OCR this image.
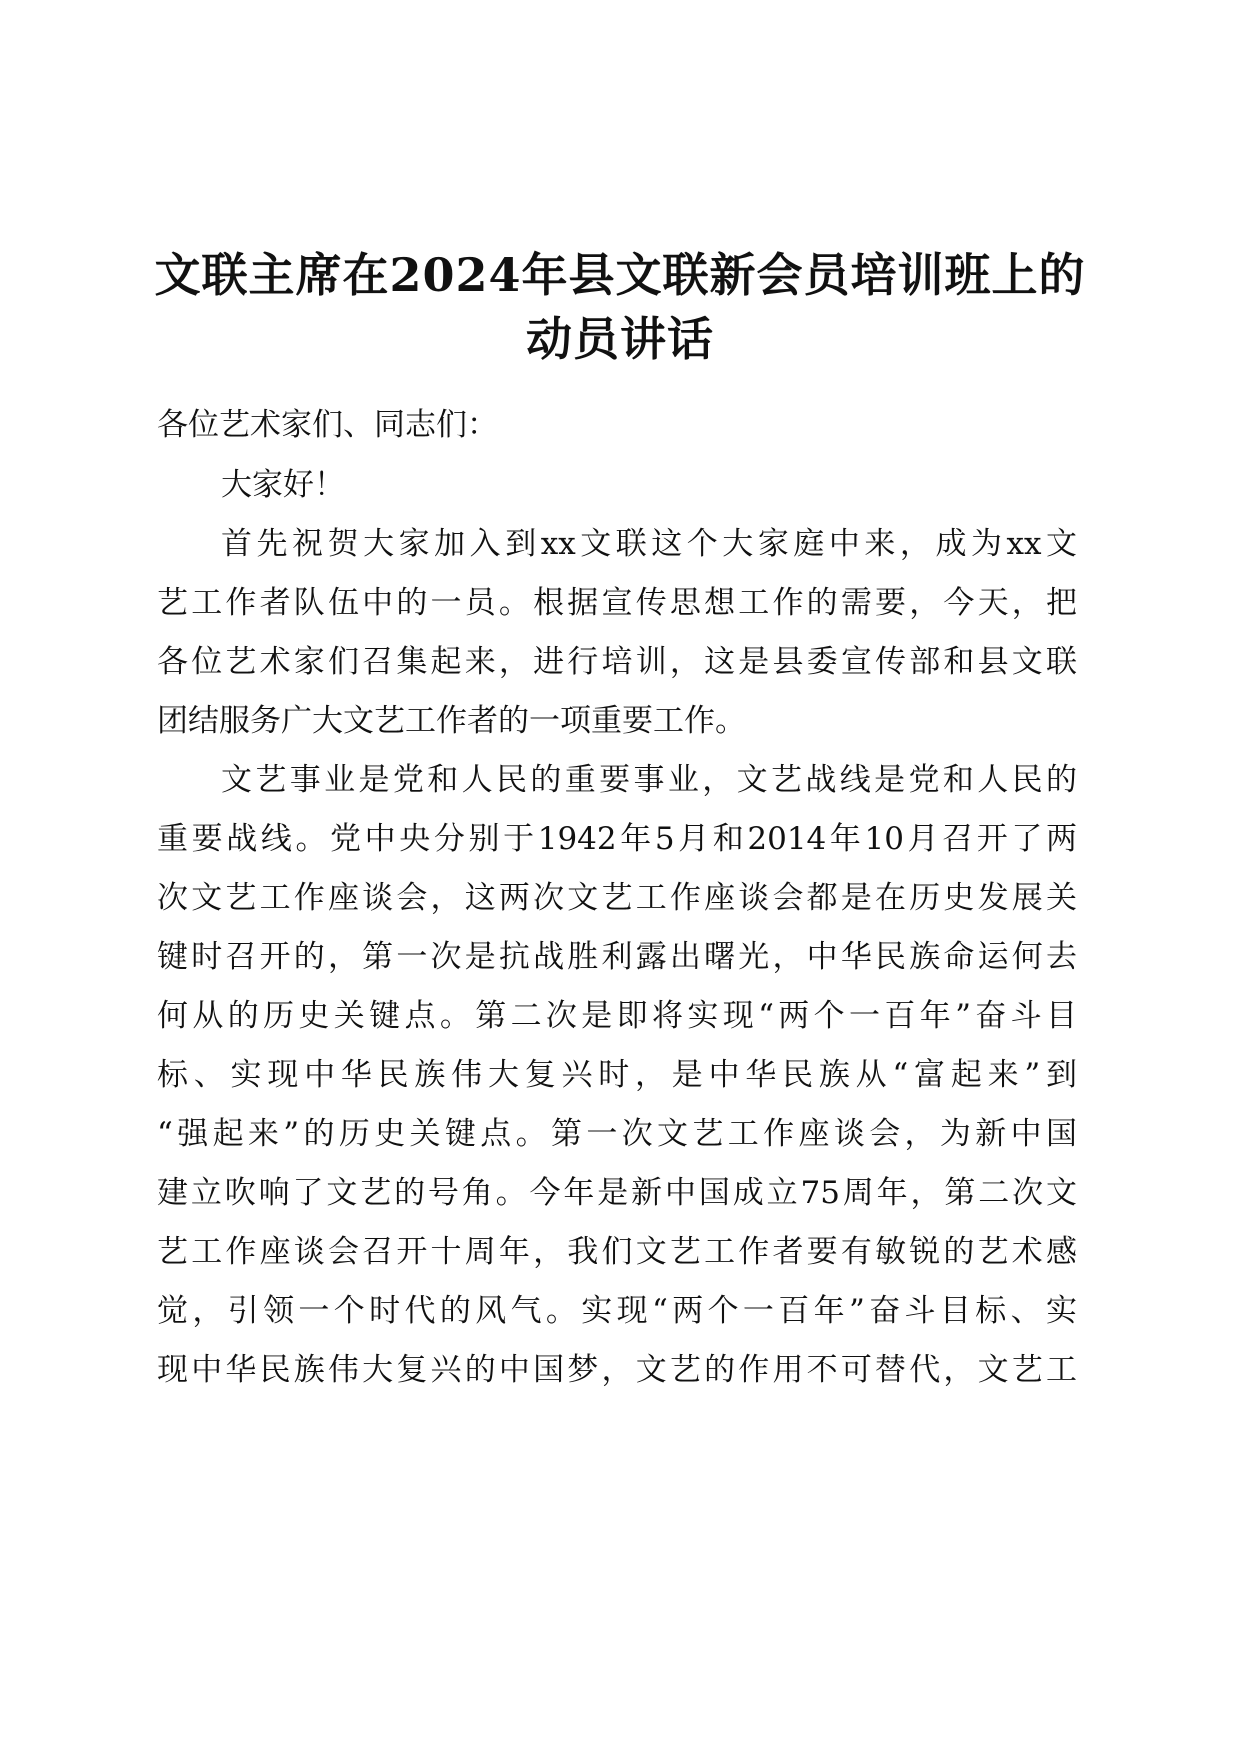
文联主席在2024年县文联新会员培训班上的
动员讲话

各位艺术家们、同志们：

大家好！

首先祝贺大家加入到xx文联这个大家庭中来，成为xx文

艺工作者队伍中的一员。根据宣传思想工作的需要，今天，把

各位艺术家们召集起来，进行培训，这是县委宣传部和县文联

团结服务广大文艺工作者的一项重要工作。

文艺事业是党和人民的重要事业，文艺战线是党和人民的

重要战线。党中央分别于1942年5月和2014年10月召开了两

次文艺工作座谈会，这两次文艺工作座谈会都是在历史发展关

键时召开的，第一次是抗战胜利露出曙光，中华民族命运何去

何从的历史关键点。第二次是即将实现“两个一百年”奋斗目

标、实现中华民族伟大复兴时，是中华民族从“富起来”到

“强起来”的历史关键点。第一次文艺工作座谈会，为新中国

建立吹响了文艺的号角。今年是新中国成立75周年，第二次文

艺工作座谈会召开十周年，我们文艺工作者要有敏锐的艺术感

觉，引领一个时代的风气。实现“两个一百年”奋斗目标、实

现中华民族伟大复兴的中国梦，文艺的作用不可替代，文艺工
